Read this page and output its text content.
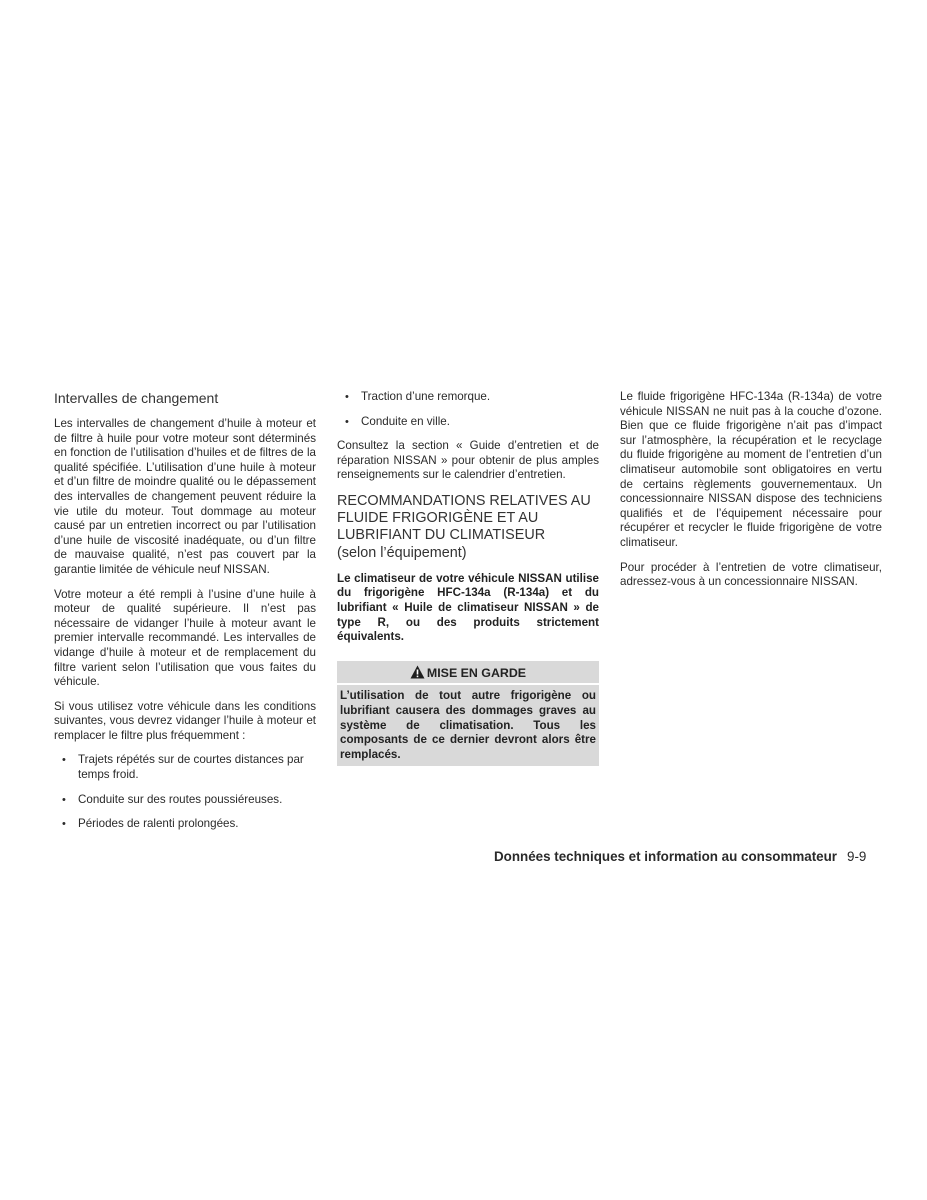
Intervalles de changement

Les intervalles de changement d’huile à moteur et de filtre à huile pour votre moteur sont déterminés en fonction de l’utilisation d’huiles et de filtres de la qualité spécifiée. L’utilisation d’une huile à moteur et d’un filtre de moindre qualité ou le dépassement des intervalles de changement peuvent réduire la vie utile du moteur. Tout dommage au moteur causé par un entretien incorrect ou par l’utilisation d’une huile de viscosité inadéquate, ou d’un filtre de mauvaise qualité, n’est pas couvert par la garantie limitée de véhicule neuf NISSAN.

Votre moteur a été rempli à l’usine d’une huile à moteur de qualité supérieure. Il n’est pas nécessaire de vidanger l’huile à moteur avant le premier intervalle recommandé. Les intervalles de vidange d’huile à moteur et de remplacement du filtre varient selon l’utilisation que vous faites du véhicule.

Si vous utilisez votre véhicule dans les conditions suivantes, vous devrez vidanger l’huile à moteur et remplacer le filtre plus fréquemment :

• Trajets répétés sur de courtes distances par temps froid.
• Conduite sur des routes poussiéreuses.
• Périodes de ralenti prolongées.
• Traction d’une remorque.
• Conduite en ville.

Consultez la section « Guide d’entretien et de réparation NISSAN » pour obtenir de plus amples renseignements sur le calendrier d’entretien.

RECOMMANDATIONS RELATIVES AU FLUIDE FRIGORIGÈNE ET AU LUBRIFIANT DU CLIMATISEUR
(selon l’équipement)

Le climatiseur de votre véhicule NISSAN utilise du frigorigène HFC-134a (R-134a) et du lubrifiant « Huile de climatiseur NISSAN » de type R, ou des produits strictement équivalents.

MISE EN GARDE
L’utilisation de tout autre frigorigène ou lubrifiant causera des dommages graves au système de climatisation. Tous les composants de ce dernier devront alors être remplacés.

Le fluide frigorigène HFC-134a (R-134a) de votre véhicule NISSAN ne nuit pas à la couche d’ozone. Bien que ce fluide frigorigène n’ait pas d’impact sur l’atmosphère, la récupération et le recyclage du fluide frigorigène au moment de l’entretien d’un climatiseur automobile sont obligatoires en vertu de certains règlements gouvernementaux. Un concessionnaire NISSAN dispose des techniciens qualifiés et de l’équipement nécessaire pour récupérer et recycler le fluide frigorigène de votre climatiseur.

Pour procéder à l’entretien de votre climatiseur, adressez-vous à un concessionnaire NISSAN.

Données techniques et information au consommateur 9-9
